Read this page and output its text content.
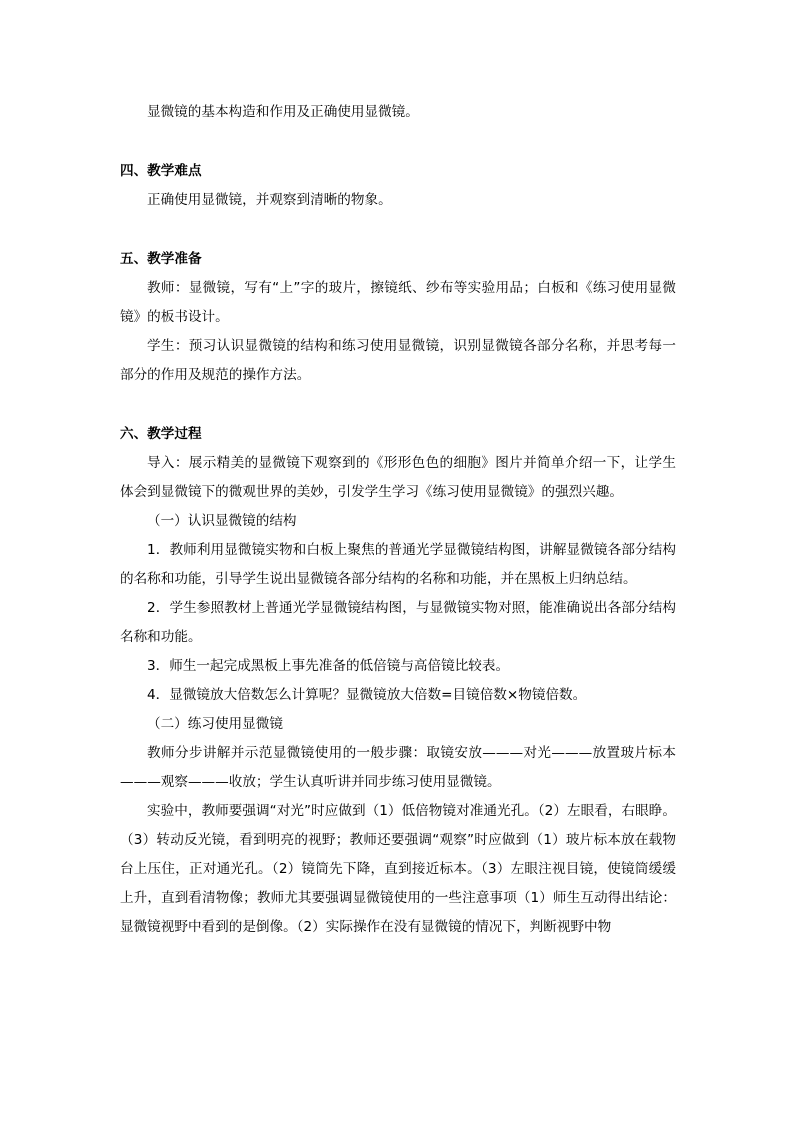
显微镜的基本构造和作用及正确使用显微镜。

四、教学难点

正确使用显微镜，并观察到清晰的物象。

五、教学准备

教师：显微镜，写有“上”字的玻片，擦镜纸、纱布等实验用品；白板和《练习使用显微镜》的板书设计。

学生：预习认识显微镜的结构和练习使用显微镜，识别显微镜各部分名称，并思考每一部分的作用及规范的操作方法。

六、教学过程

导入：展示精美的显微镜下观察到的《形形色色的细胞》图片并简单介绍一下，让学生体会到显微镜下的微观世界的美妙，引发学生学习《练习使用显微镜》的强烈兴趣。

（一）认识显微镜的结构

1．教师利用显微镜实物和白板上聚焦的普通光学显微镜结构图，讲解显微镜各部分结构的名称和功能，引导学生说出显微镜各部分结构的名称和功能，并在黑板上归纳总结。

2．学生参照教材上普通光学显微镜结构图，与显微镜实物对照，能准确说出各部分结构名称和功能。

3．师生一起完成黑板上事先准备的低倍镜与高倍镜比较表。

4．显微镜放大倍数怎么计算呢？显微镜放大倍数=目镜倍数×物镜倍数。

（二）练习使用显微镜

教师分步讲解并示范显微镜使用的一般步骤：取镜安放———对光———放置玻片标本———观察———收放；学生认真听讲并同步练习使用显微镜。

实验中，教师要强调“对光”时应做到（1）低倍物镜对准通光孔。（2）左眼看，右眼睁。（3）转动反光镜，看到明亮的视野；教师还要强调“观察”时应做到（1）玻片标本放在载物台上压住，正对通光孔。（2）镜筒先下降，直到接近标本。（3）左眼注视目镜，使镜筒缓缓上升，直到看清物像；教师尤其要强调显微镜使用的一些注意事项（1）师生互动得出结论：显微镜视野中看到的是倒像。（2）实际操作在没有显微镜的情况下，判断视野中物
